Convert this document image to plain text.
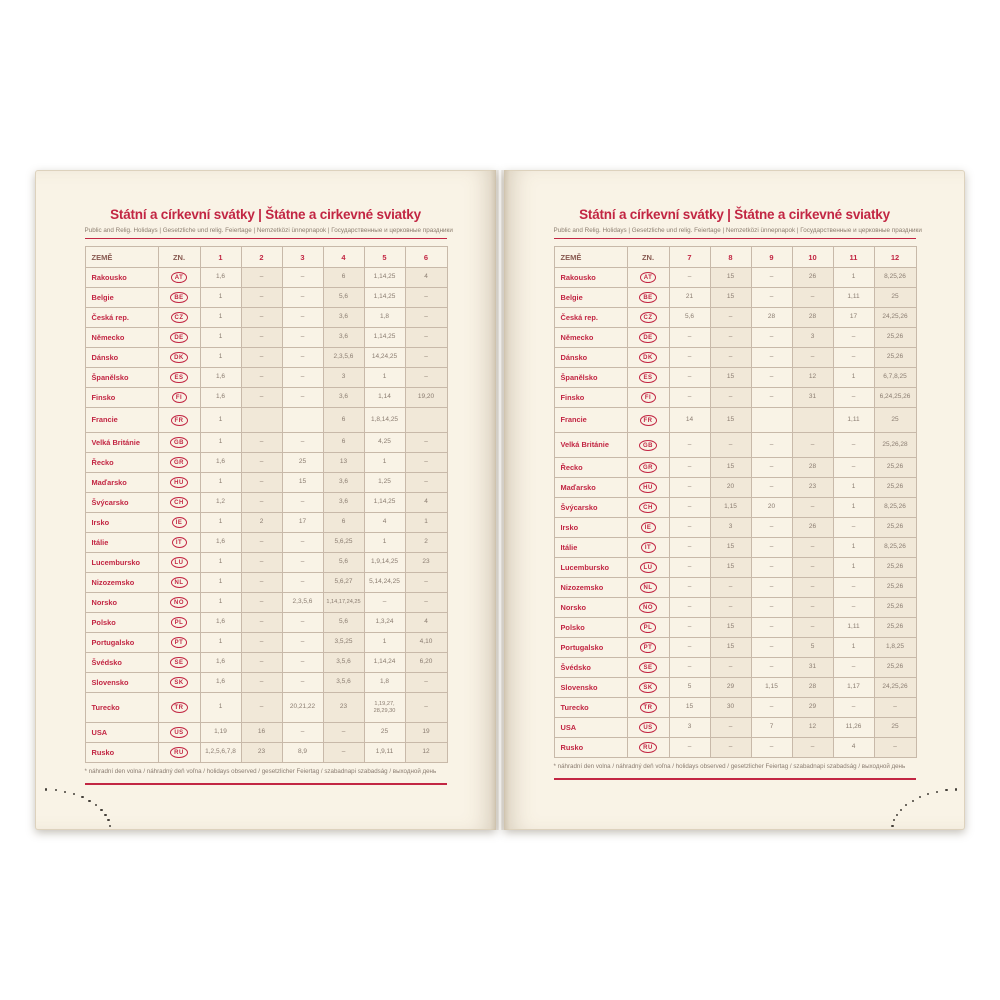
Státní a církevní svátky | Štátne a cirkevné sviatky
Public and Relig. Holidays | Gesetzliche und relig. Feiertage | Nemzetközi ünnepnapok | Государственные и церковные праздники
ZEMĚ	ZN.	1	2	3	4	5	6
Rakousko	AT	1,6	–	–	6	1,14,25	4
Belgie	BE	1	–	–	5,6	1,14,25	–
Česká rep.	CZ	1	–	–	3,6	1,8	–
Německo	DE	1	–	–	3,6	1,14,25	–
Dánsko	DK	1	–	–	2,3,5,6	14,24,25	–
Španělsko	ES	1,6	–	–	3	1	–
Finsko	FI	1,6	–	–	3,6	1,14	19,20
Francie	FR	1			6	1,8,14,25	
Velká Británie	GB	1	–	–	6	4,25	–
Řecko	GR	1,6	–	25	13	1	–
Maďarsko	HU	1	–	15	3,6	1,25	–
Švýcarsko	CH	1,2	–	–	3,6	1,14,25	4
Irsko	IE	1	2	17	6	4	1
Itálie	IT	1,6	–	–	5,6,25	1	2
Lucembursko	LU	1	–	–	5,6	1,9,14,25	23
Nizozemsko	NL	1	–	–	5,6,27	5,14,24,25	–
Norsko	NO	1	–	2,3,5,6	1,14,17,24,25	–	–
Polsko	PL	1,6	–	–	5,6	1,3,24	4
Portugalsko	PT	1	–	–	3,5,25	1	4,10
Švédsko	SE	1,6	–	–	3,5,6	1,14,24	6,20
Slovensko	SK	1,6	–	–	3,5,6	1,8	–
Turecko	TR	1	–	20,21,22	23	1,19,27, 28,29,30	–
USA	US	1,19	16	–	–	25	19
Rusko	RU	1,2,5,6,7,8	23	8,9	–	1,9,11	12
* náhradní den volna / náhradný deň voľna / holidays observed / gesetzlicher Feiertag / szabadnapi szabadság / выходной день
Státní a církevní svátky | Štátne a cirkevné sviatky
Public and Relig. Holidays | Gesetzliche und relig. Feiertage | Nemzetközi ünnepnapok | Государственные и церковные праздники
ZEMĚ	ZN.	7	8	9	10	11	12
Rakousko	AT	–	15	–	26	1	8,25,26
Belgie	BE	21	15	–	–	1,11	25
Česká rep.	CZ	5,6	–	28	28	17	24,25,26
Německo	DE	–	–	–	3	–	25,26
Dánsko	DK	–	–	–	–	–	25,26
Španělsko	ES	–	15	–	12	1	6,7,8,25
Finsko	FI	–	–	–	31	–	6,24,25,26
Francie	FR	14	15			1,11	25
Velká Británie	GB	–	–	–	–	–	25,26,28
Řecko	GR	–	15	–	28	–	25,26
Maďarsko	HU	–	20	–	23	1	25,26
Švýcarsko	CH	–	1,15	20	–	1	8,25,26
Irsko	IE	–	3	–	26	–	25,26
Itálie	IT	–	15	–	–	1	8,25,26
Lucembursko	LU	–	15	–	–	1	25,26
Nizozemsko	NL	–	–	–	–	–	25,26
Norsko	NO	–	–	–	–	–	25,26
Polsko	PL	–	15	–	–	1,11	25,26
Portugalsko	PT	–	15	–	5	1	1,8,25
Švédsko	SE	–	–	–	31	–	25,26
Slovensko	SK	5	29	1,15	28	1,17	24,25,26
Turecko	TR	15	30	–	29	–	–
USA	US	3	–	7	12	11,26	25
Rusko	RU	–	–	–	–	4	–
* náhradní den volna / náhradný deň voľna / holidays observed / gesetzlicher Feiertag / szabadnapi szabadság / выходной день
